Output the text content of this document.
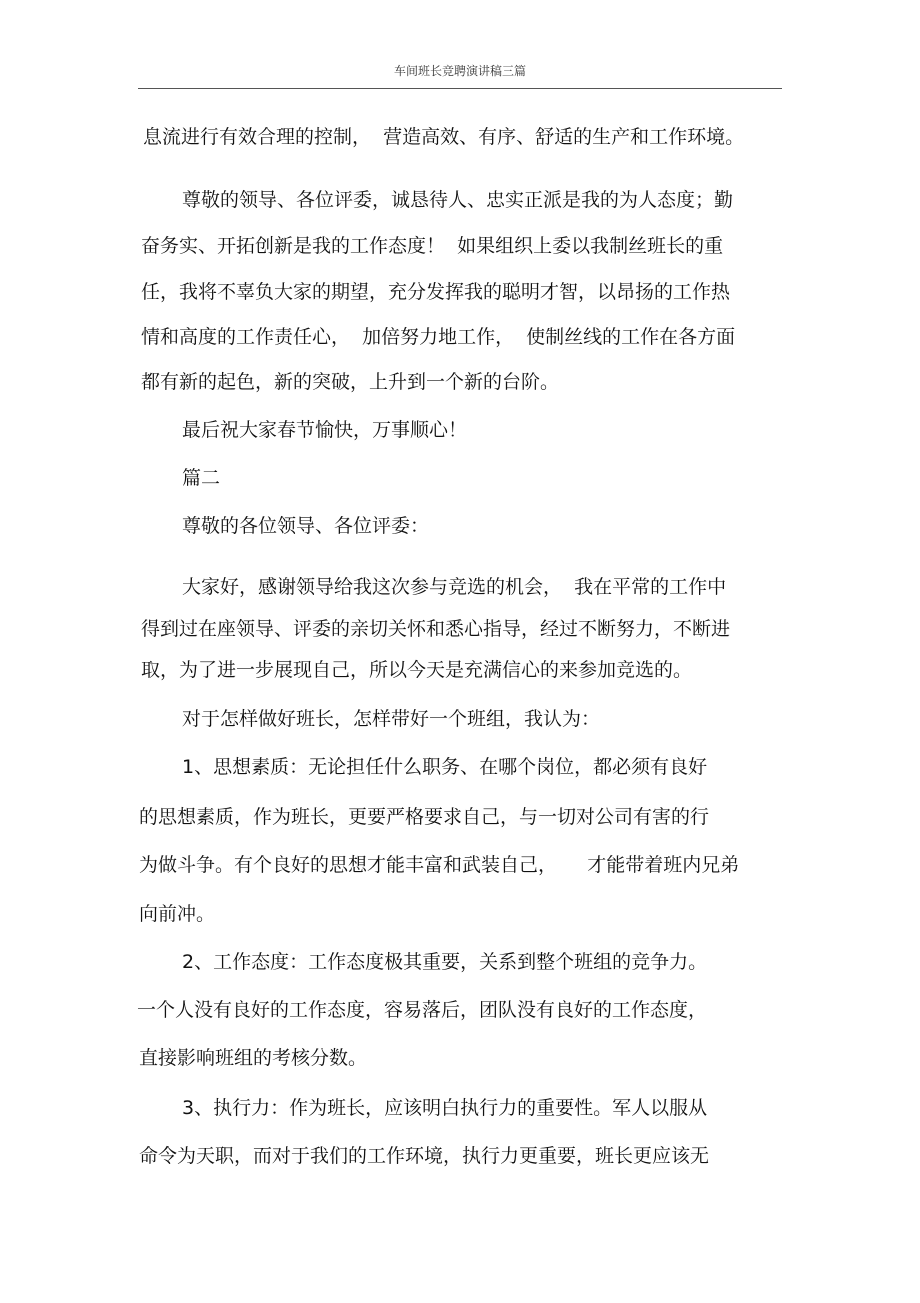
车间班长竞聘演讲稿三篇

息流进行有效合理的控制，  营造高效、有序、舒适的生产和工作环境。

尊敬的领导、各位评委，诚恳待人、忠实正派是我的为人态度；勤

奋务实、开拓创新是我的工作态度！  如果组织上委以我制丝班长的重

任，我将不辜负大家的期望，充分发挥我的聪明才智，以昂扬的工作热

情和高度的工作责任心，  加倍努力地工作，  使制丝线的工作在各方面

都有新的起色，新的突破，上升到一个新的台阶。

最后祝大家春节愉快，万事顺心！

篇二

尊敬的各位领导、各位评委：

大家好，感谢领导给我这次参与竞选的机会，  我在平常的工作中

得到过在座领导、评委的亲切关怀和悉心指导，经过不断努力，不断进

取，为了进一步展现自己，所以今天是充满信心的来参加竞选的。

对于怎样做好班长，怎样带好一个班组，我认为：

1、思想素质：无论担任什么职务、在哪个岗位，都必须有良好

的思想素质，作为班长，更要严格要求自己，与一切对公司有害的行

为做斗争。有个良好的思想才能丰富和武装自己，     才能带着班内兄弟

向前冲。

2、工作态度：工作态度极其重要，关系到整个班组的竞争力。

一个人没有良好的工作态度，容易落后，团队没有良好的工作态度，

直接影响班组的考核分数。

3、执行力：作为班长，应该明白执行力的重要性。军人以服从

命令为天职，而对于我们的工作环境，执行力更重要，班长更应该无
